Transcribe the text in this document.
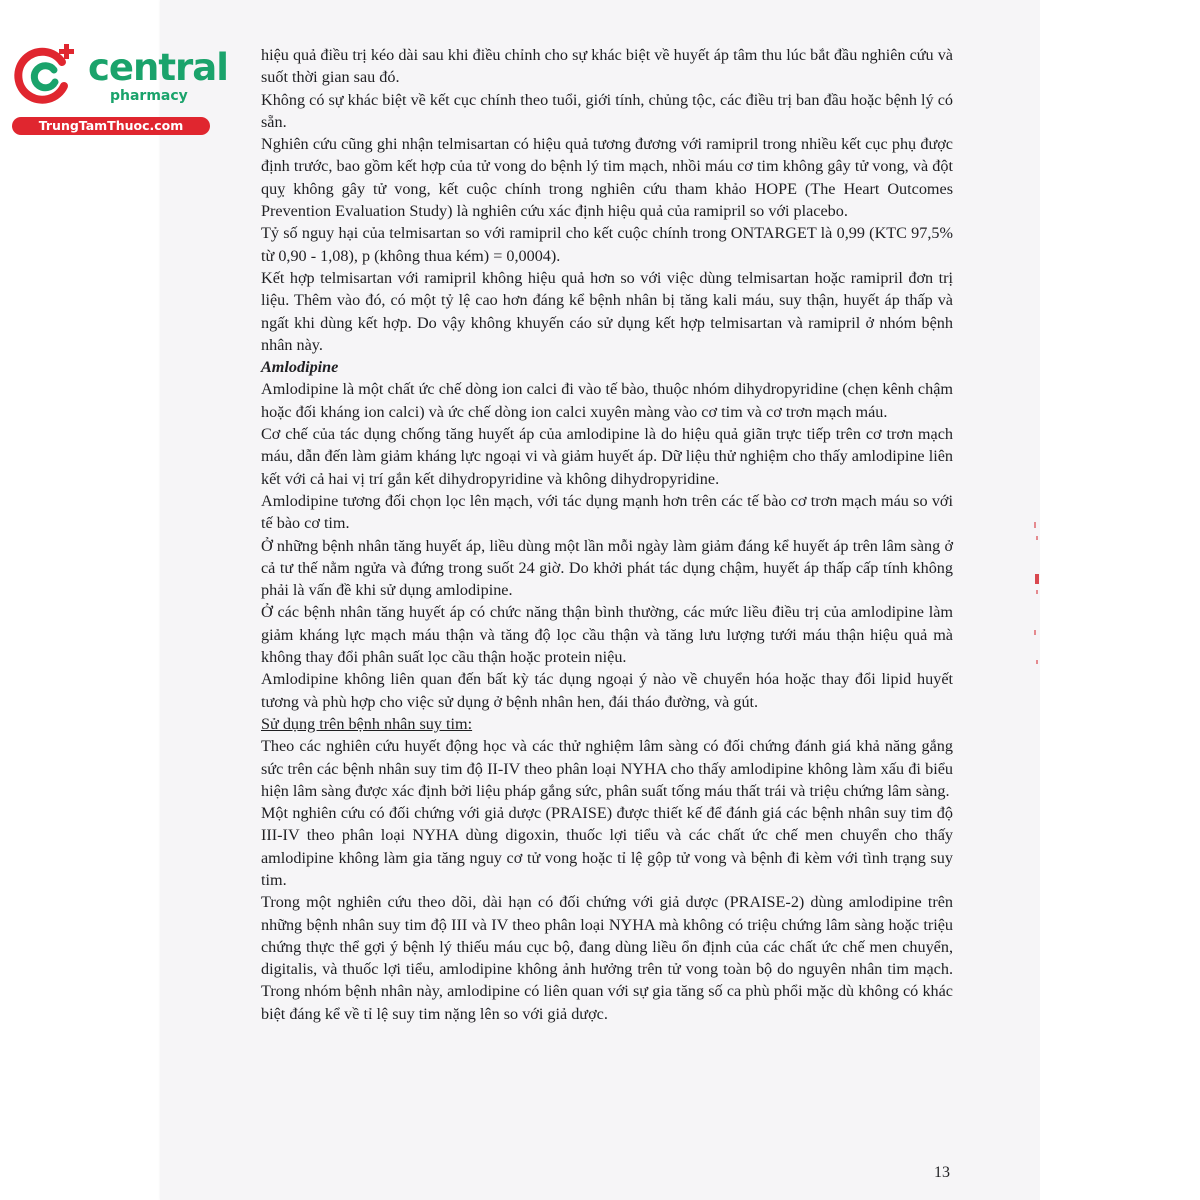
central
pharmacy
TrungTamThuoc.com

hiệu quả điều trị kéo dài sau khi điều chỉnh cho sự khác biệt về huyết áp tâm thu lúc bắt đầu nghiên cứu và suốt thời gian sau đó.

Không có sự khác biệt về kết cục chính theo tuổi, giới tính, chủng tộc, các điều trị ban đầu hoặc bệnh lý có sẵn.

Nghiên cứu cũng ghi nhận telmisartan có hiệu quả tương đương với ramipril trong nhiều kết cục phụ được định trước, bao gồm kết hợp của tử vong do bệnh lý tim mạch, nhồi máu cơ tim không gây tử vong, và đột quỵ không gây tử vong, kết cuộc chính trong nghiên cứu tham khảo HOPE (The Heart Outcomes Prevention Evaluation Study) là nghiên cứu xác định hiệu quả của ramipril so với placebo.

Tỷ số nguy hại của telmisartan so với ramipril cho kết cuộc chính trong ONTARGET là 0,99 (KTC 97,5% từ 0,90 - 1,08), p (không thua kém) = 0,0004).

Kết hợp telmisartan với ramipril không hiệu quả hơn so với việc dùng telmisartan hoặc ramipril đơn trị liệu. Thêm vào đó, có một tỷ lệ cao hơn đáng kể bệnh nhân bị tăng kali máu, suy thận, huyết áp thấp và ngất khi dùng kết hợp. Do vậy không khuyến cáo sử dụng kết hợp telmisartan và ramipril ở nhóm bệnh nhân này.

Amlodipine

Amlodipine là một chất ức chế dòng ion calci đi vào tế bào, thuộc nhóm dihydropyridine (chẹn kênh chậm hoặc đối kháng ion calci) và ức chế dòng ion calci xuyên màng vào cơ tim và cơ trơn mạch máu.

Cơ chế của tác dụng chống tăng huyết áp của amlodipine là do hiệu quả giãn trực tiếp trên cơ trơn mạch máu, dẫn đến làm giảm kháng lực ngoại vi và giảm huyết áp. Dữ liệu thử nghiệm cho thấy amlodipine liên kết với cả hai vị trí gắn kết dihydropyridine và không dihydropyridine.

Amlodipine tương đối chọn lọc lên mạch, với tác dụng mạnh hơn trên các tế bào cơ trơn mạch máu so với tế bào cơ tim.

Ở những bệnh nhân tăng huyết áp, liều dùng một lần mỗi ngày làm giảm đáng kể huyết áp trên lâm sàng ở cả tư thế nằm ngửa và đứng trong suốt 24 giờ. Do khởi phát tác dụng chậm, huyết áp thấp cấp tính không phải là vấn đề khi sử dụng amlodipine.

Ở các bệnh nhân tăng huyết áp có chức năng thận bình thường, các mức liều điều trị của amlodipine làm giảm kháng lực mạch máu thận và tăng độ lọc cầu thận và tăng lưu lượng tưới máu thận hiệu quả mà không thay đổi phân suất lọc cầu thận hoặc protein niệu.

Amlodipine không liên quan đến bất kỳ tác dụng ngoại ý nào về chuyển hóa hoặc thay đổi lipid huyết tương và phù hợp cho việc sử dụng ở bệnh nhân hen, đái tháo đường, và gút.

Sử dụng trên bệnh nhân suy tim:

Theo các nghiên cứu huyết động học và các thử nghiệm lâm sàng có đối chứng đánh giá khả năng gắng sức trên các bệnh nhân suy tim độ II-IV theo phân loại NYHA cho thấy amlodipine không làm xấu đi biểu hiện lâm sàng được xác định bởi liệu pháp gắng sức, phân suất tống máu thất trái và triệu chứng lâm sàng.

Một nghiên cứu có đối chứng với giả dược (PRAISE) được thiết kế để đánh giá các bệnh nhân suy tim độ III-IV theo phân loại NYHA dùng digoxin, thuốc lợi tiểu và các chất ức chế men chuyển cho thấy amlodipine không làm gia tăng nguy cơ tử vong hoặc tỉ lệ gộp tử vong và bệnh đi kèm với tình trạng suy tim.

Trong một nghiên cứu theo dõi, dài hạn có đối chứng với giả dược (PRAISE-2) dùng amlodipine trên những bệnh nhân suy tim độ III và IV theo phân loại NYHA mà không có triệu chứng lâm sàng hoặc triệu chứng thực thể gợi ý bệnh lý thiếu máu cục bộ, đang dùng liều ổn định của các chất ức chế men chuyển, digitalis, và thuốc lợi tiểu, amlodipine không ảnh hưởng trên tử vong toàn bộ do nguyên nhân tim mạch. Trong nhóm bệnh nhân này, amlodipine có liên quan với sự gia tăng số ca phù phổi mặc dù không có khác biệt đáng kể về tỉ lệ suy tim nặng lên so với giả dược.

13
